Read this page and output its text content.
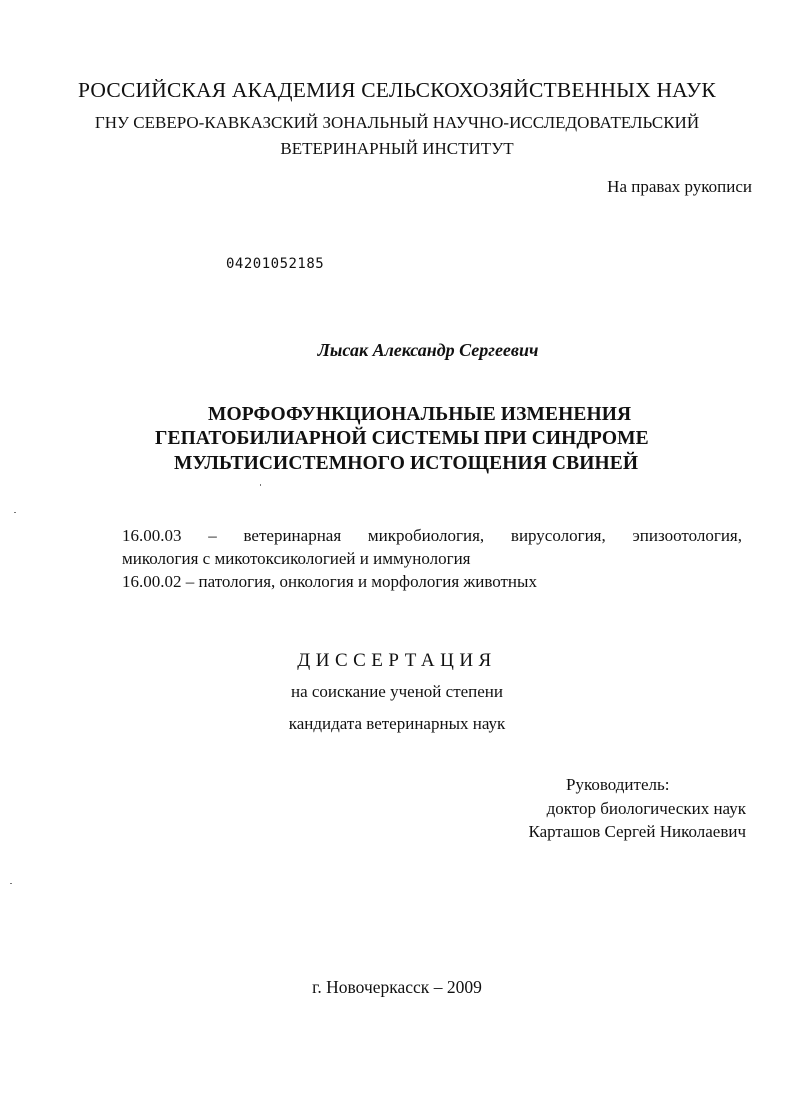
РОССИЙСКАЯ АКАДЕМИЯ СЕЛЬСКОХОЗЯЙСТВЕННЫХ НАУК
ГНУ СЕВЕРО-КАВКАЗСКИЙ ЗОНАЛЬНЫЙ НАУЧНО-ИССЛЕДОВАТЕЛЬСКИЙ
ВЕТЕРИНАРНЫЙ ИНСТИТУТ
На правах рукописи
04201052185
Лысак Александр Сергеевич
МОРФОФУНКЦИОНАЛЬНЫЕ ИЗМЕНЕНИЯ
ГЕПАТОБИЛИАРНОЙ СИСТЕМЫ ПРИ СИНДРОМЕ
МУЛЬТИСИСТЕМНОГО ИСТОЩЕНИЯ СВИНЕЙ
16.00.03 – ветеринарная микробиология, вирусология, эпизоотология,
микология с микотоксикологией и иммунология
16.00.02 – патология, онкология и морфология животных
ДИССЕРТАЦИЯ
на соискание ученой степени
кандидата ветеринарных наук
Руководитель:
доктор биологических наук
Карташов Сергей Николаевич
г. Новочеркасск – 2009
